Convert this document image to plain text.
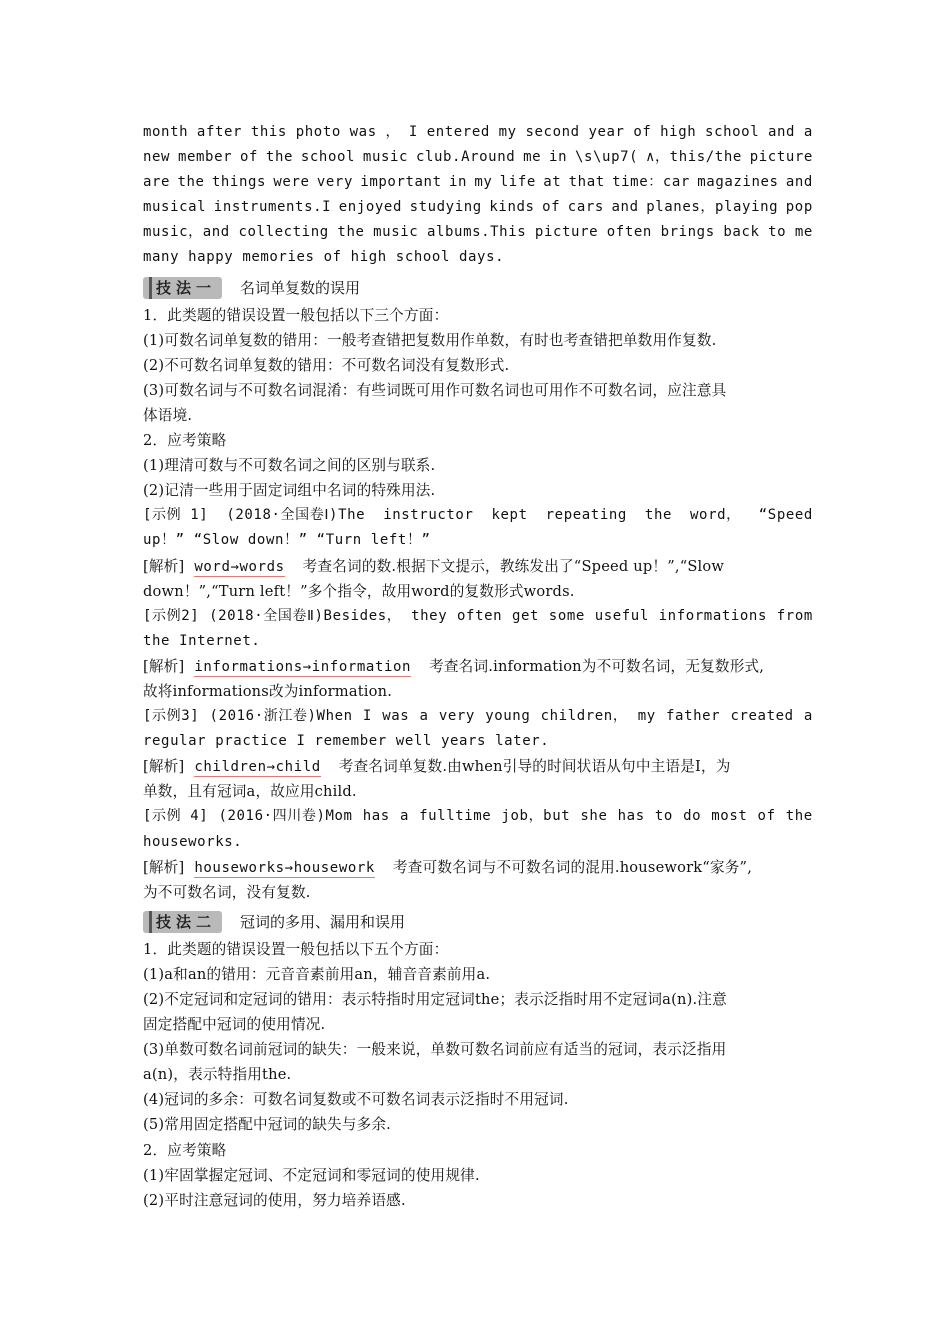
month after this photo was ， I entered my second year of high school and a
new member of the school music club.Around me in \s\up7( ∧，this/the picture
are the things were very important in my life at that time：car magazines and
musical instruments.I enjoyed studying kinds of cars and planes，playing pop
music，and collecting the music albums.This picture often brings back to me
many happy memories of high school days.
技法一 名词单复数的误用
1．此类题的错误设置一般包括以下三个方面：
(1)可数名词单复数的错用：一般考查错把复数用作单数，有时也考查错把单数用作复数.
(2)不可数名词单复数的错用：不可数名词没有复数形式.
(3)可数名词与不可数名词混淆：有些词既可用作可数名词也可用作不可数名词，应注意具
体语境.
2．应考策略
(1)理清可数与不可数名词之间的区别与联系.
(2)记清一些用于固定词组中名词的特殊用法.
[示例 1] (2018·全国卷Ⅰ)The instructor kept repeating the word， “Speed
up！” “Slow down！” “Turn left！”
[解析] word→words 考查名词的数.根据下文提示，教练发出了“Speed up！”,“Slow
down！”,“Turn left！”多个指令，故用word的复数形式words.
[示例2] (2018·全国卷Ⅱ)Besides， they often get some useful informations from
the Internet.
[解析] informations→information 考查名词.information为不可数名词，无复数形式,
故将informations改为information.
[示例3] (2016·浙江卷)When I was a very young children， my father created a
regular practice I remember well years later.
[解析] children→child 考查名词单复数.由when引导的时间状语从句中主语是I，为
单数，且有冠词a，故应用child.
[示例 4] (2016·四川卷)Mom has a fulltime job，but she has to do most of the
houseworks.
[解析] houseworks→housework 考查可数名词与不可数名词的混用.housework“家务”,
为不可数名词，没有复数.
技法二 冠词的多用、漏用和误用
1．此类题的错误设置一般包括以下五个方面：
(1)a和an的错用：元音音素前用an，辅音音素前用a.
(2)不定冠词和定冠词的错用：表示特指时用定冠词the；表示泛指时用不定冠词a(n).注意
固定搭配中冠词的使用情况.
(3)单数可数名词前冠词的缺失：一般来说，单数可数名词前应有适当的冠词，表示泛指用
a(n)，表示特指用the.
(4)冠词的多余：可数名词复数或不可数名词表示泛指时不用冠词.
(5)常用固定搭配中冠词的缺失与多余.
2．应考策略
(1)牢固掌握定冠词、不定冠词和零冠词的使用规律.
(2)平时注意冠词的使用，努力培养语感.
